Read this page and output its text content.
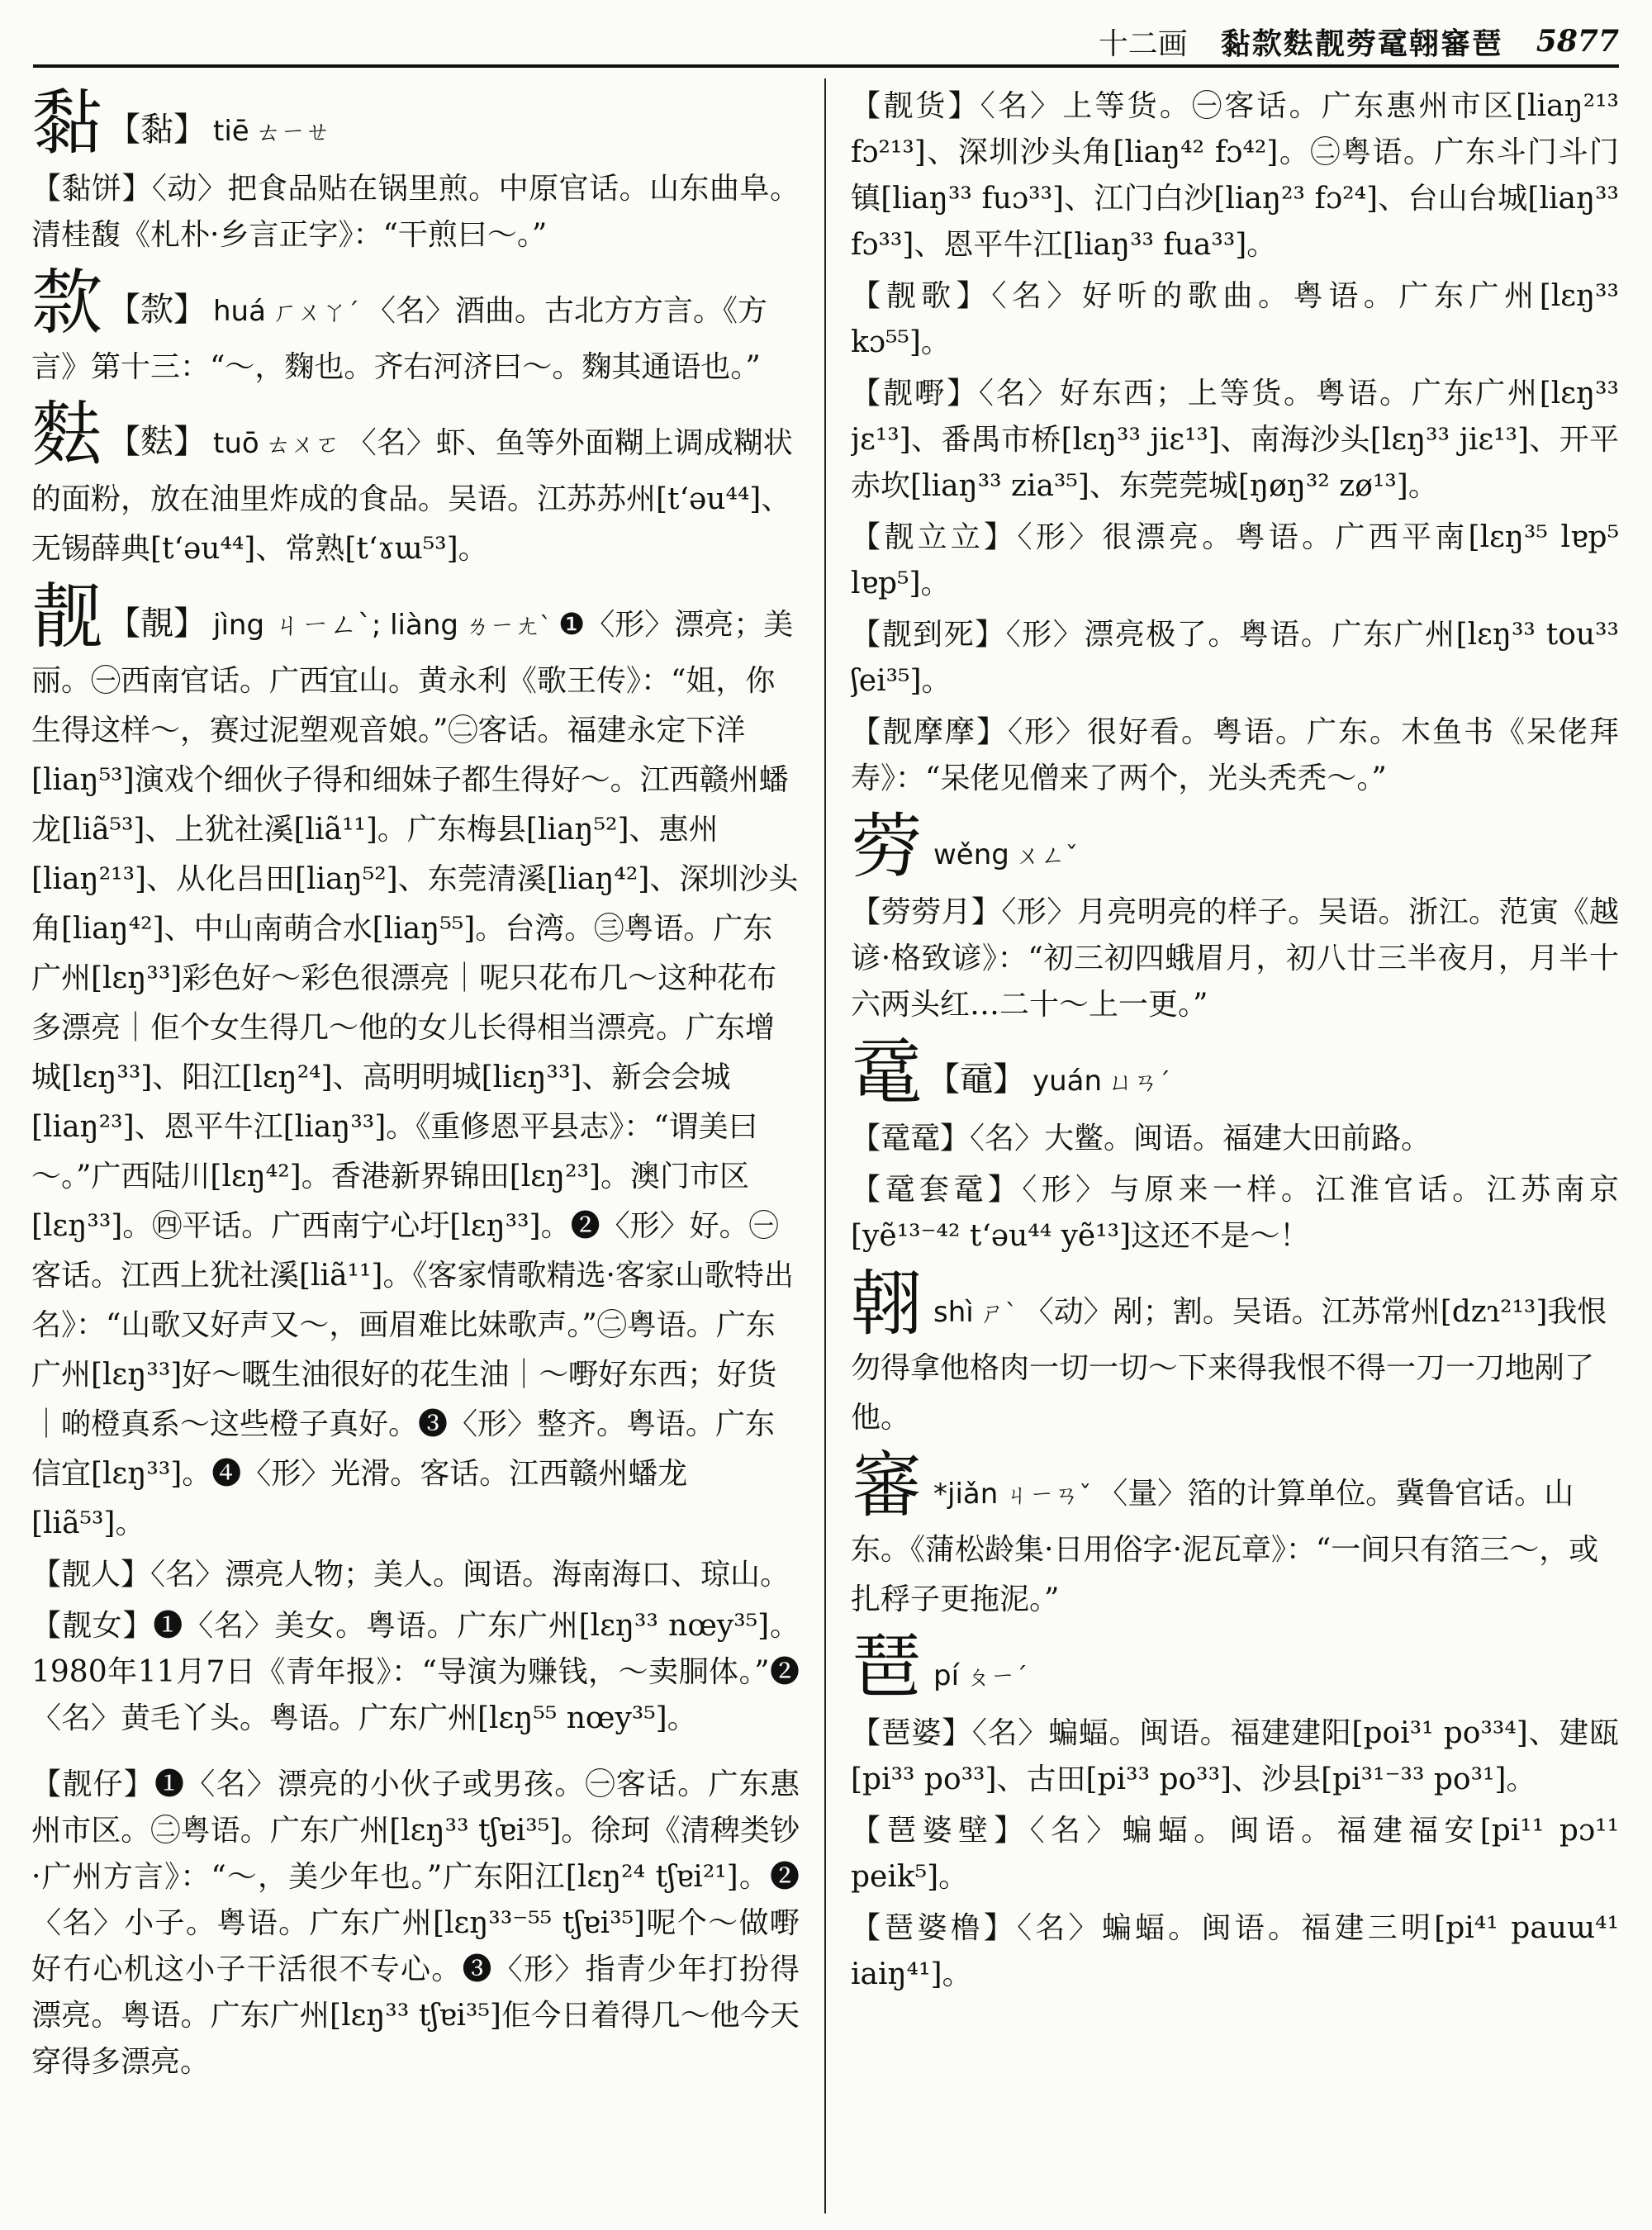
十二画 黏歀麮靓䓖鼋䎐䆺琶 5877
黏 【黏】 tiē ㄊㄧㄝ
【黏饼】〈动〉把食品贴在锅里煎。中原官话。山东曲阜。清桂馥《札朴·乡言正字》：“干煎曰～。”
歀 【歀】 huá ㄏㄨㄚˊ 〈名〉酒曲。古北方方言。《方言》第十三：“～，麴也。齐右河济曰～。麴其通语也。”
麮 【麮】 tuō ㄊㄨㄛ 〈名〉虾、鱼等外面糊上调成糊状的面粉，放在油里炸成的食品。吴语。江苏苏州[tʻəu⁴⁴]、无锡薛典[tʻəu⁴⁴]、常熟[tʻɤɯ⁵³]。
靓 【靚】 jìng ㄐㄧㄥˋ; liàng ㄌㄧㄤˋ ❶〈形〉漂亮；美丽。㊀西南官话。广西宜山。黄永利《歌王传》：“姐，你生得这样～，赛过泥塑观音娘。”㊁客话。福建永定下洋[liaŋ⁵³]演戏个细伙子得和细妹子都生得好～。江西赣州蟠龙[liã⁵³]、上犹社溪[liã¹¹]。广东梅县[liaŋ⁵²]、惠州[liaŋ²¹³]、从化吕田[liaŋ⁵²]、东莞清溪[liaŋ⁴²]、深圳沙头角[liaŋ⁴²]、中山南萌合水[liaŋ⁵⁵]。台湾。㊂粤语。广东广州[lɛŋ³³]彩色好～彩色很漂亮｜呢只花布几～这种花布多漂亮｜佢个女生得几～他的女儿长得相当漂亮。广东增城[lɛŋ³³]、阳江[lɛŋ²⁴]、高明明城[liɛŋ³³]、新会会城[liaŋ²³]、恩平牛江[liaŋ³³]。《重修恩平县志》：“谓美曰～。”广西陆川[lɛŋ⁴²]。香港新界锦田[lɛŋ²³]。澳门市区[lɛŋ³³]。㊃平话。广西南宁心圩[lɛŋ³³]。❷〈形〉好。㊀客话。江西上犹社溪[liã¹¹]。《客家情歌精选·客家山歌特出名》：“山歌又好声又～，画眉难比妹歌声。”㊁粤语。广东广州[lɛŋ³³]好～嘅生油很好的花生油｜～嘢好东西；好货｜啲橙真系～这些橙子真好。❸〈形〉整齐。粤语。广东信宜[lɛŋ³³]。❹〈形〉光滑。客话。江西赣州蟠龙[liã⁵³]。
【靓人】〈名〉漂亮人物；美人。闽语。海南海口、琼山。
【靓女】❶〈名〉美女。粤语。广东广州[lɛŋ³³ nœy³⁵]。1980年11月7日《青年报》：“导演为赚钱，～卖胴体。”❷〈名〉黄毛丫头。粤语。广东广州[lɛŋ⁵⁵ nœy³⁵]。
【靓仔】❶〈名〉漂亮的小伙子或男孩。㊀客话。广东惠州市区。㊁粤语。广东广州[lɛŋ³³ tʃɐi³⁵]。徐珂《清稗类钞·广州方言》：“～，美少年也。”广东阳江[lɛŋ²⁴ tʃɐi²¹]。❷〈名〉小子。粤语。广东广州[lɛŋ³³⁻⁵⁵ tʃɐi³⁵]呢个～做嘢好冇心机这小子干活很不专心。❸〈形〉指青少年打扮得漂亮。粤语。广东广州[lɛŋ³³ tʃɐi³⁵]佢今日着得几～他今天穿得多漂亮。
【靓货】〈名〉上等货。㊀客话。广东惠州市区[liaŋ²¹³ fɔ²¹³]、深圳沙头角[liaŋ⁴² fɔ⁴²]。㊁粤语。广东斗门斗门镇[liaŋ³³ fuɔ³³]、江门白沙[liaŋ²³ fɔ²⁴]、台山台城[liaŋ³³ fɔ³³]、恩平牛江[liaŋ³³ fua³³]。
【靓歌】〈名〉好听的歌曲。粤语。广东广州[lɛŋ³³ kɔ⁵⁵]。
【靓嘢】〈名〉好东西；上等货。粤语。广东广州[lɛŋ³³ jɛ¹³]、番禺市桥[lɛŋ³³ jiɛ¹³]、南海沙头[lɛŋ³³ jiɛ¹³]、开平赤坎[liaŋ³³ zia³⁵]、东莞莞城[ŋøŋ³² zø¹³]。
【靓立立】〈形〉很漂亮。粤语。广西平南[lɛŋ³⁵ lɐp⁵ lɐp⁵]。
【靓到死】〈形〉漂亮极了。粤语。广东广州[lɛŋ³³ tou³³ ʃei³⁵]。
【靓摩摩】〈形〉很好看。粤语。广东。木鱼书《呆佬拜寿》：“呆佬见僧来了两个，光头秃秃～。”
䓖wěng ㄨㄥˇ
【䓖䓖月】〈形〉月亮明亮的样子。吴语。浙江。范寅《越谚·格致谚》：“初三初四蛾眉月，初八廿三半夜月，月半十六两头红…二十～上一更。”
鼋 【黿】 yuán ㄩㄢˊ
【鼋鼋】〈名〉大鳖。闽语。福建大田前路。
【鼋套鼋】〈形〉与原来一样。江淮官话。江苏南京[yẽ¹³⁻⁴² tʻəu⁴⁴ yẽ¹³]这还不是～！
䎐shì ㄕˋ 〈动〉剐；割。吴语。江苏常州[dzɿ²¹³]我恨勿得拿他格肉一切一切～下来得我恨不得一刀一刀地剐了他。
䆺 *jiǎn ㄐㄧㄢˇ 〈量〉箔的计算单位。冀鲁官话。山东。《蒲松龄集·日用俗字·泥瓦章》：“一间只有箔三～，或扎稃子更拖泥。”
琶pí ㄆㄧˊ
【琶婆】〈名〉蝙蝠。闽语。福建建阳[poi³¹ po³³⁴]、建瓯[pi³³ po³³]、古田[pi³³ po³³]、沙县[pi³¹⁻³³ po³¹]。
【琶婆壁】〈名〉蝙蝠。闽语。福建福安[pi¹¹ pɔ¹¹ peik⁵]。
【琶婆橹】〈名〉蝙蝠。闽语。福建三明[pi⁴¹ pauɯ⁴¹ iaiŋ⁴¹]。
